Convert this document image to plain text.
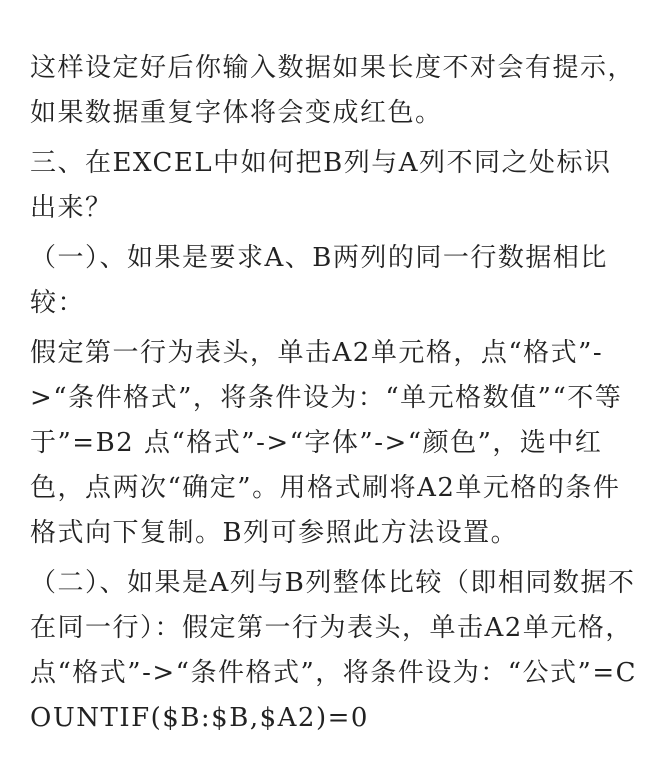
这样设定好后你输入数据如果长度不对会有提示，如果数据重复字体将会变成红色。

三、在EXCEL中如何把B列与A列不同之处标识出来？

（一）、如果是要求A、B两列的同一行数据相比较：

假定第一行为表头，单击A2单元格，点“格式”->“条件格式”，将条件设为：“单元格数值”“不等于”=B2 点“格式”->“字体”->“颜色”，选中红色，点两次“确定”。用格式刷将A2单元格的条件格式向下复制。B列可参照此方法设置。

（二）、如果是A列与B列整体比较（即相同数据不在同一行）：假定第一行为表头，单击A2单元格，点“格式”->“条件格式”，将条件设为：“公式”=COUNTIF($B:$B,$A2)=0
